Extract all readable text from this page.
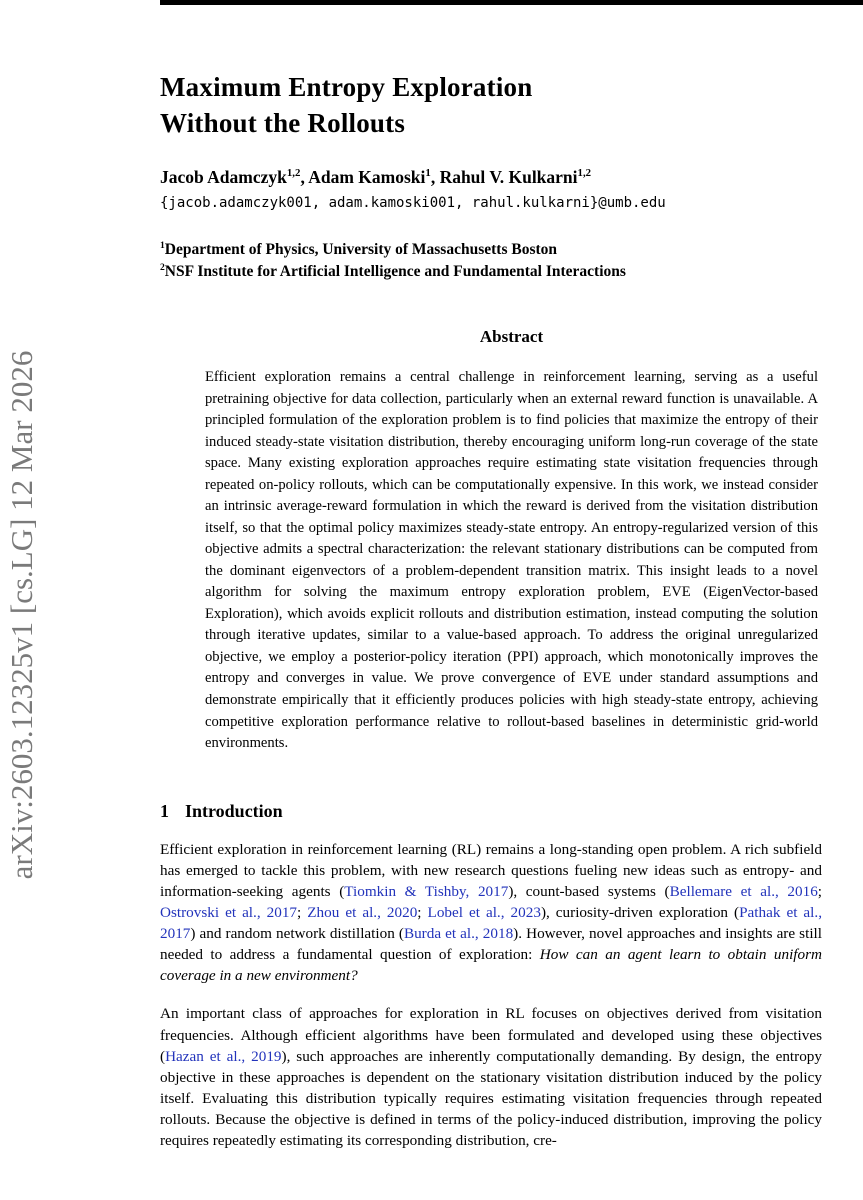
arXiv:2603.12325v1 [cs.LG] 12 Mar 2026
Maximum Entropy Exploration
Without the Rollouts
Jacob Adamczyk$^{1,2}$, Adam Kamoski$^1$, Rahul V. Kulkarni$^{1,2}$
{jacob.adamczyk001, adam.kamoski001, rahul.kulkarni}@umb.edu
$^1$Department of Physics, University of Massachusetts Boston
$^2$NSF Institute for Artificial Intelligence and Fundamental Interactions
Abstract

Efficient exploration remains a central challenge in reinforcement learning, serving as a useful pretraining objective for data collection, particularly when an external reward function is unavailable. A principled formulation of the exploration problem is to find policies that maximize the entropy of their induced steady-state visitation distribution, thereby encouraging uniform long-run coverage of the state space. Many existing exploration approaches require estimating state visitation frequencies through repeated on-policy rollouts, which can be computationally expensive. In this work, we instead consider an intrinsic average-reward formulation in which the reward is derived from the visitation distribution itself, so that the optimal policy maximizes steady-state entropy. An entropy-regularized version of this objective admits a spectral characterization: the relevant stationary distributions can be computed from the dominant eigenvectors of a problem-dependent transition matrix. This insight leads to a novel algorithm for solving the maximum entropy exploration problem, EVE (EigenVector-based Exploration), which avoids explicit rollouts and distribution estimation, instead computing the solution through iterative updates, similar to a value-based approach. To address the original unregularized objective, we employ a posterior-policy iteration (PPI) approach, which monotonically improves the entropy and converges in value. We prove convergence of EVE under standard assumptions and demonstrate empirically that it efficiently produces policies with high steady-state entropy, achieving competitive exploration performance relative to rollout-based baselines in deterministic grid-world environments.

1 Introduction

Efficient exploration in reinforcement learning (RL) remains a long-standing open problem. A rich subfield has emerged to tackle this problem, with new research questions fueling new ideas such as entropy- and information-seeking agents (Tiomkin & Tishby, 2017), count-based systems (Bellemare et al., 2016; Ostrovski et al., 2017; Zhou et al., 2020; Lobel et al., 2023), curiosity-driven exploration (Pathak et al., 2017) and random network distillation (Burda et al., 2018). However, novel approaches and insights are still needed to address a fundamental question of exploration: How can an agent learn to obtain uniform coverage in a new environment?

An important class of approaches for exploration in RL focuses on objectives derived from visitation frequencies. Although efficient algorithms have been formulated and developed using these objectives (Hazan et al., 2019), such approaches are inherently computationally demanding. By design, the entropy objective in these approaches is dependent on the stationary visitation distribution induced by the policy itself. Evaluating this distribution typically requires estimating visitation frequencies through repeated rollouts. Because the objective is defined in terms of the policy-induced distribution, improving the policy requires repeatedly estimating its corresponding distribution, cre-
